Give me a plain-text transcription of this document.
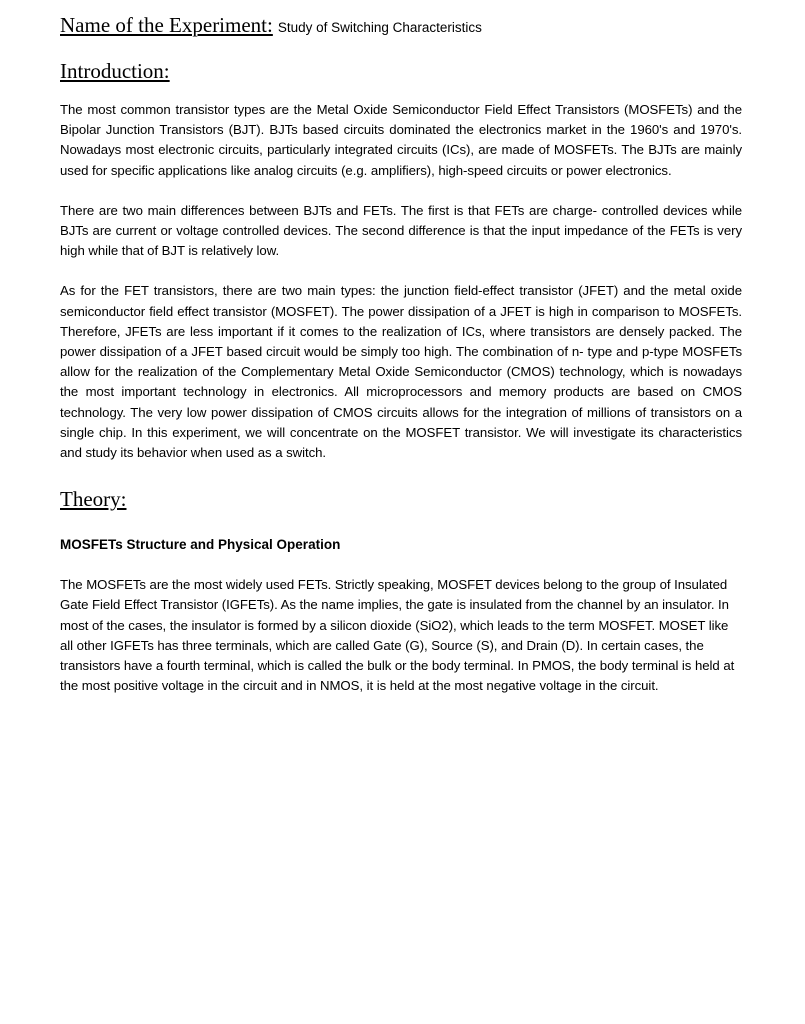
Name of the Experiment: Study of Switching Characteristics

Introduction:

The most common transistor types are the Metal Oxide Semiconductor Field Effect Transistors (MOSFETs) and the Bipolar Junction Transistors (BJT). BJTs based circuits dominated the electronics market in the 1960's and 1970's. Nowadays most electronic circuits, particularly integrated circuits (ICs), are made of MOSFETs. The BJTs are mainly used for specific applications like analog circuits (e.g. amplifiers), high-speed circuits or power electronics.

There are two main differences between BJTs and FETs. The first is that FETs are charge- controlled devices while BJTs are current or voltage controlled devices. The second difference is that the input impedance of the FETs is very high while that of BJT is relatively low.

As for the FET transistors, there are two main types: the junction field-effect transistor (JFET) and the metal oxide semiconductor field effect transistor (MOSFET). The power dissipation of a JFET is high in comparison to MOSFETs. Therefore, JFETs are less important if it comes to the realization of ICs, where transistors are densely packed. The power dissipation of a JFET based circuit would be simply too high. The combination of n- type and p-type MOSFETs allow for the realization of the Complementary Metal Oxide Semiconductor (CMOS) technology, which is nowadays the most important technology in electronics. All microprocessors and memory products are based on CMOS technology. The very low power dissipation of CMOS circuits allows for the integration of millions of transistors on a single chip. In this experiment, we will concentrate on the MOSFET transistor. We will investigate its characteristics and study its behavior when used as a switch.

Theory:
MOSFETs Structure and Physical Operation

The MOSFETs are the most widely used FETs. Strictly speaking, MOSFET devices belong to the group of Insulated Gate Field Effect Transistor (IGFETs). As the name implies, the gate is insulated from the channel by an insulator. In most of the cases, the insulator is formed by a silicon dioxide (SiO2), which leads to the term MOSFET. MOSET like all other IGFETs has three terminals, which are called Gate (G), Source (S), and Drain (D). In certain cases, the transistors have a fourth terminal, which is called the bulk or the body terminal. In PMOS, the body terminal is held at the most positive voltage in the circuit and in NMOS, it is held at the most negative voltage in the circuit.
